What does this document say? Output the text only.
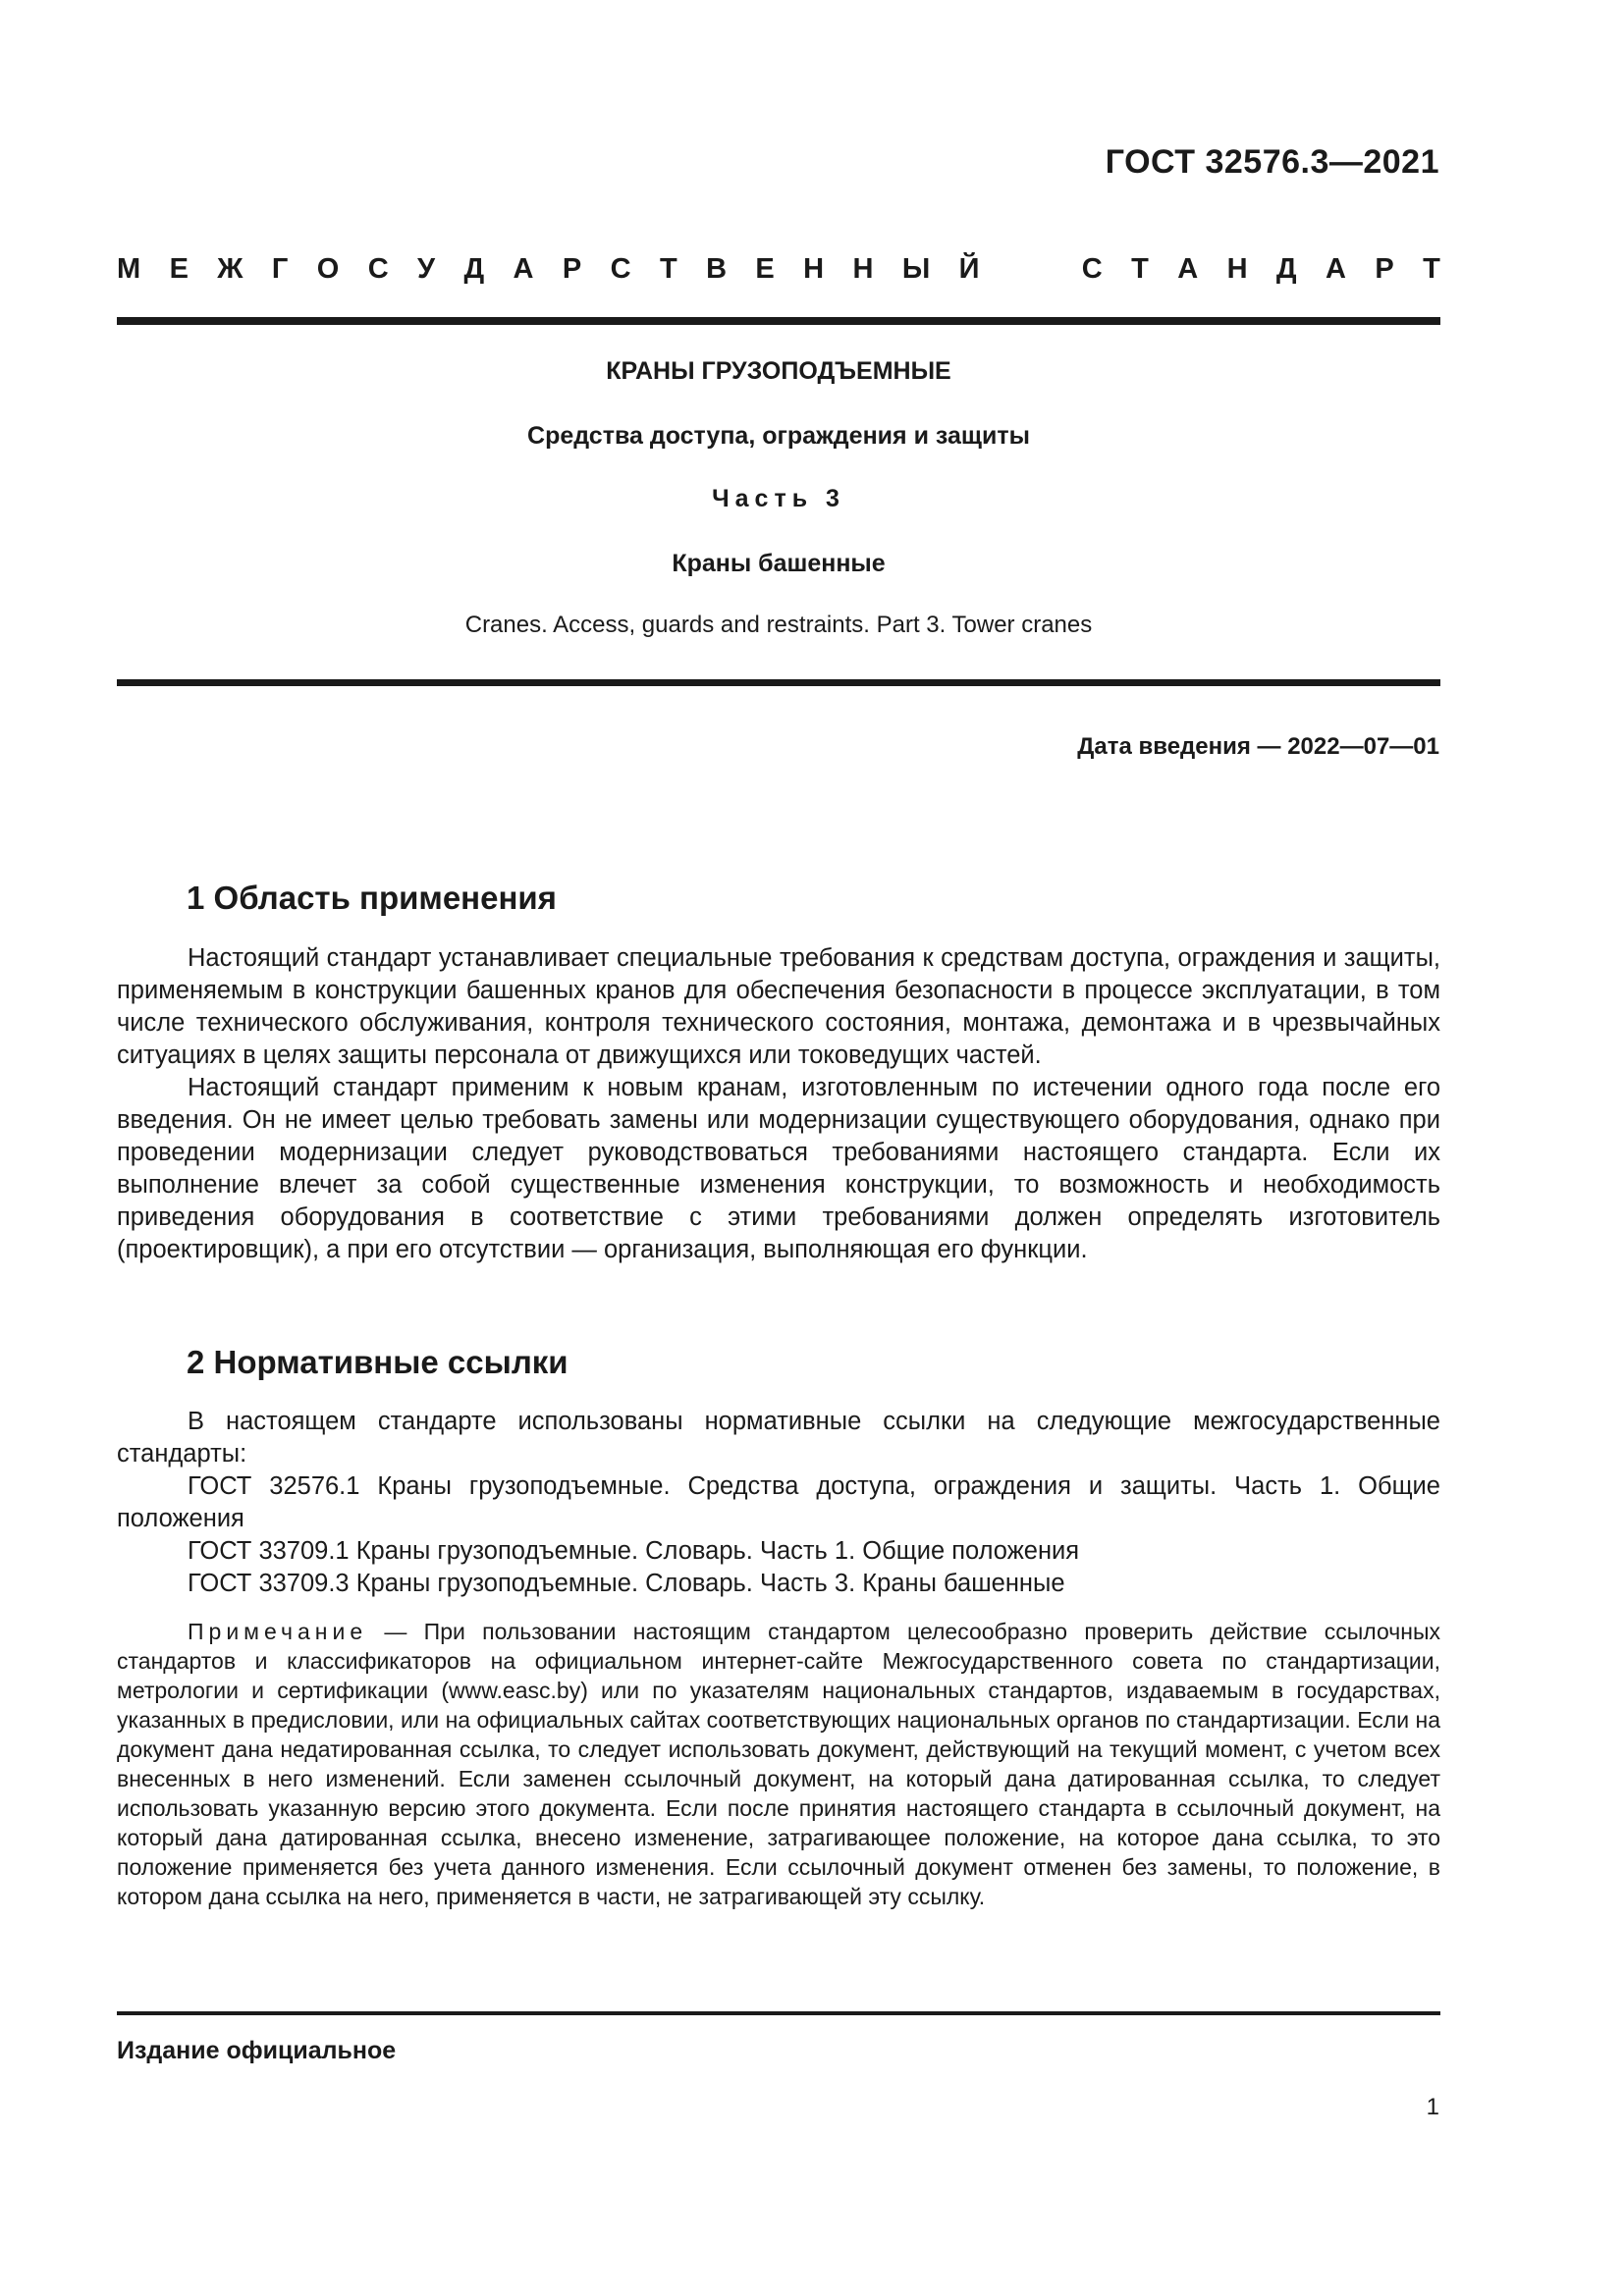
ГОСТ 32576.3—2021
М Е Ж Г О С У Д А Р С Т В Е Н Н Ы Й

	С Т А Н Д А Р Т
КРАНЫ ГРУЗОПОДЪЕМНЫЕ
Средства доступа, ограждения и защиты
Часть 3
Краны башенные
Cranes. Access, guards and restraints. Part 3. Tower cranes
Дата введения — 2022—07—01
1 Область применения

Настоящий стандарт устанавливает специальные требования к средствам доступа, ограждения и защиты, применяемым в конструкции башенных кранов для обеспечения безопасности в процессе эксплуатации, в том числе технического обслуживания, контроля технического состояния, монтажа, демонтажа и в чрезвычайных ситуациях в целях защиты персонала от движущихся или токоведущих частей.

Настоящий стандарт применим к новым кранам, изготовленным по истечении одного года после его введения. Он не имеет целью требовать замены или модернизации существующего оборудования, однако при проведении модернизации следует руководствоваться требованиями настоящего стандарта. Если их выполнение влечет за собой существенные изменения конструкции, то возможность и необходимость приведения оборудования в соответствие с этими требованиями должен определять изготовитель (проектировщик), а при его отсутствии — организация, выполняющая его функции.

2 Нормативные ссылки

В настоящем стандарте использованы нормативные ссылки на следующие межгосударственные стандарты:

ГОСТ 32576.1 Краны грузоподъемные. Средства доступа, ограждения и защиты. Часть 1. Общие положения

ГОСТ 33709.1 Краны грузоподъемные. Словарь. Часть 1. Общие положения

ГОСТ 33709.3 Краны грузоподъемные. Словарь. Часть 3. Краны башенные

Примечание — При пользовании настоящим стандартом целесообразно проверить действие ссылочных стандартов и классификаторов на официальном интернет-сайте Межгосударственного совета по стандартизации, метрологии и сертификации (www.easc.by) или по указателям национальных стандартов, издаваемым в государствах, указанных в предисловии, или на официальных сайтах соответствующих национальных органов по стандартизации. Если на документ дана недатированная ссылка, то следует использовать документ, действующий на текущий момент, с учетом всех внесенных в него изменений. Если заменен ссылочный документ, на который дана датированная ссылка, то следует использовать указанную версию этого документа. Если после принятия настоящего стандарта в ссылочный документ, на который дана датированная ссылка, внесено изменение, затрагивающее положение, на которое дана ссылка, то это положение применяется без учета данного изменения. Если ссылочный документ отменен без замены, то положение, в котором дана ссылка на него, применяется в части, не затрагивающей эту ссылку.

Издание официальное
1
